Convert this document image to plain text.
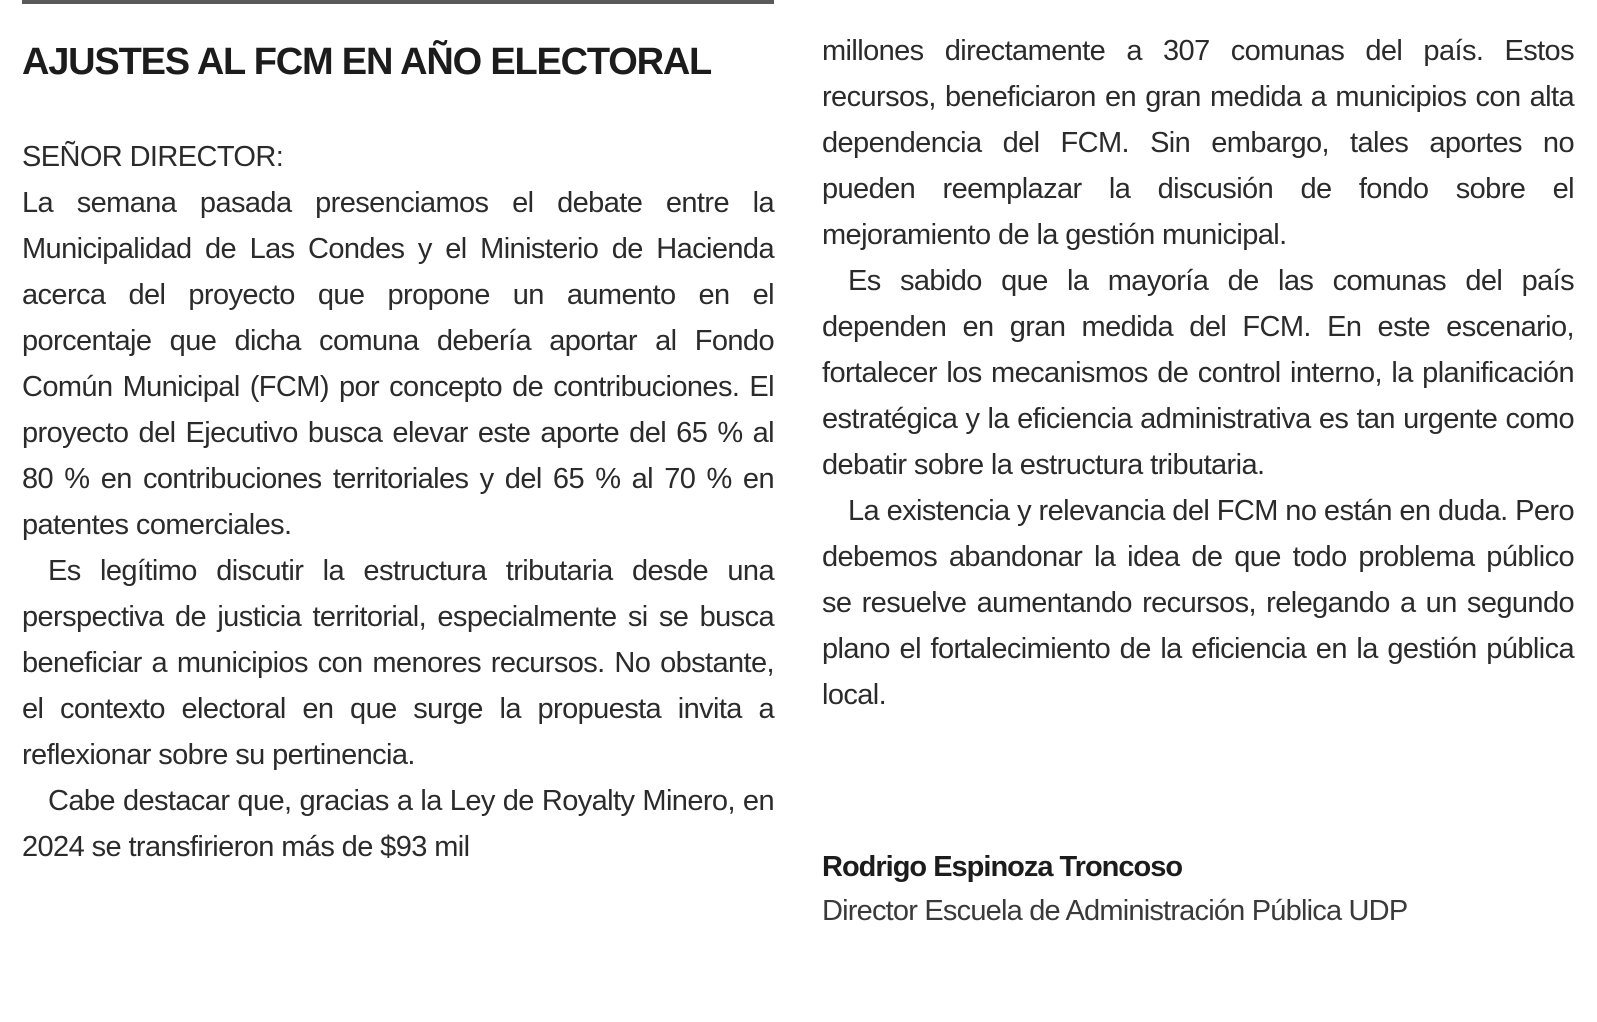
AJUSTES AL FCM EN AÑO ELECTORAL

SEÑOR DIRECTOR:

La semana pasada presenciamos el debate entre la Municipalidad de Las Condes y el Ministerio de Hacienda acerca del proyecto que propone un aumento en el porcentaje que dicha comuna debería aportar al Fondo Común Municipal (FCM) por concepto de contribuciones. El proyecto del Ejecutivo busca elevar este aporte del 65 % al 80 % en contribuciones territoriales y del 65 % al 70 % en patentes comerciales.

Es legítimo discutir la estructura tributaria desde una perspectiva de justicia territorial, especialmente si se busca beneficiar a municipios con menores recursos. No obstante, el contexto electoral en que surge la propuesta invita a reflexionar sobre su pertinencia.

Cabe destacar que, gracias a la Ley de Royalty Minero, en 2024 se transfirieron más de $93 mil

millones directamente a 307 comunas del país. Estos recursos, beneficiaron en gran medida a municipios con alta dependencia del FCM. Sin embargo, tales aportes no pueden reemplazar la discusión de fondo sobre el mejoramiento de la gestión municipal.

Es sabido que la mayoría de las comunas del país dependen en gran medida del FCM. En este escenario, fortalecer los mecanismos de control interno, la planificación estratégica y la eficiencia administrativa es tan urgente como debatir sobre la estructura tributaria.

La existencia y relevancia del FCM no están en duda. Pero debemos abandonar la idea de que todo problema público se resuelve aumentando recursos, relegando a un segundo plano el fortalecimiento de la eficiencia en la gestión pública local.

Rodrigo Espinoza Troncoso
Director Escuela de Administración Pública UDP
